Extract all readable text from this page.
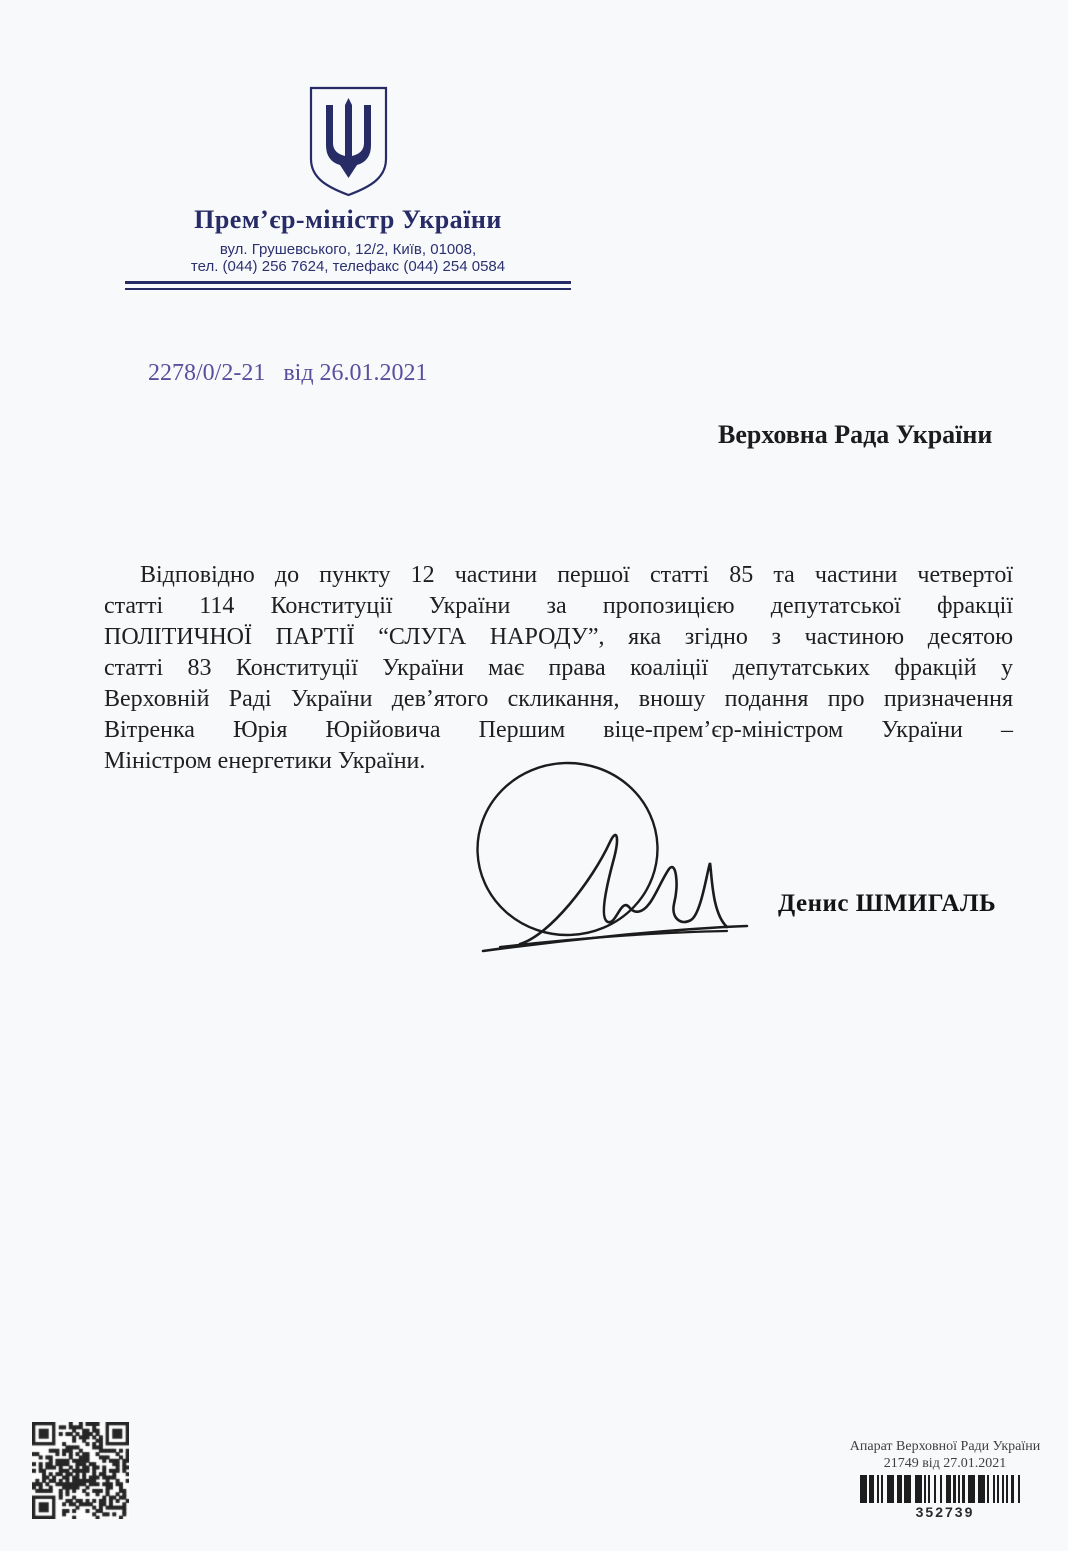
Прем’єр-міністр України
вул. Грушевського, 12/2, Київ, 01008,
тел. (044) 256 7624, телефакс (044) 254 0584
2278/0/2-21 від 26.01.2021
Верховна Рада України
Відповідно до пункту 12 частини першої статті 85 та частини четвертої
статті 114 Конституції України за пропозицією депутатської фракції
ПОЛІТИЧНОЇ ПАРТІЇ “СЛУГА НАРОДУ”, яка згідно з частиною десятою
статті 83 Конституції України має права коаліції депутатських фракцій у
Верховній Раді України дев’ятого скликання, вношу подання про призначення
Вітренка Юрія Юрійовича Першим віце-прем’єр-міністром України –
Міністром енергетики України.
Денис ШМИГАЛЬ
Апарат Верховної Ради України
21749 від 27.01.2021
352739
